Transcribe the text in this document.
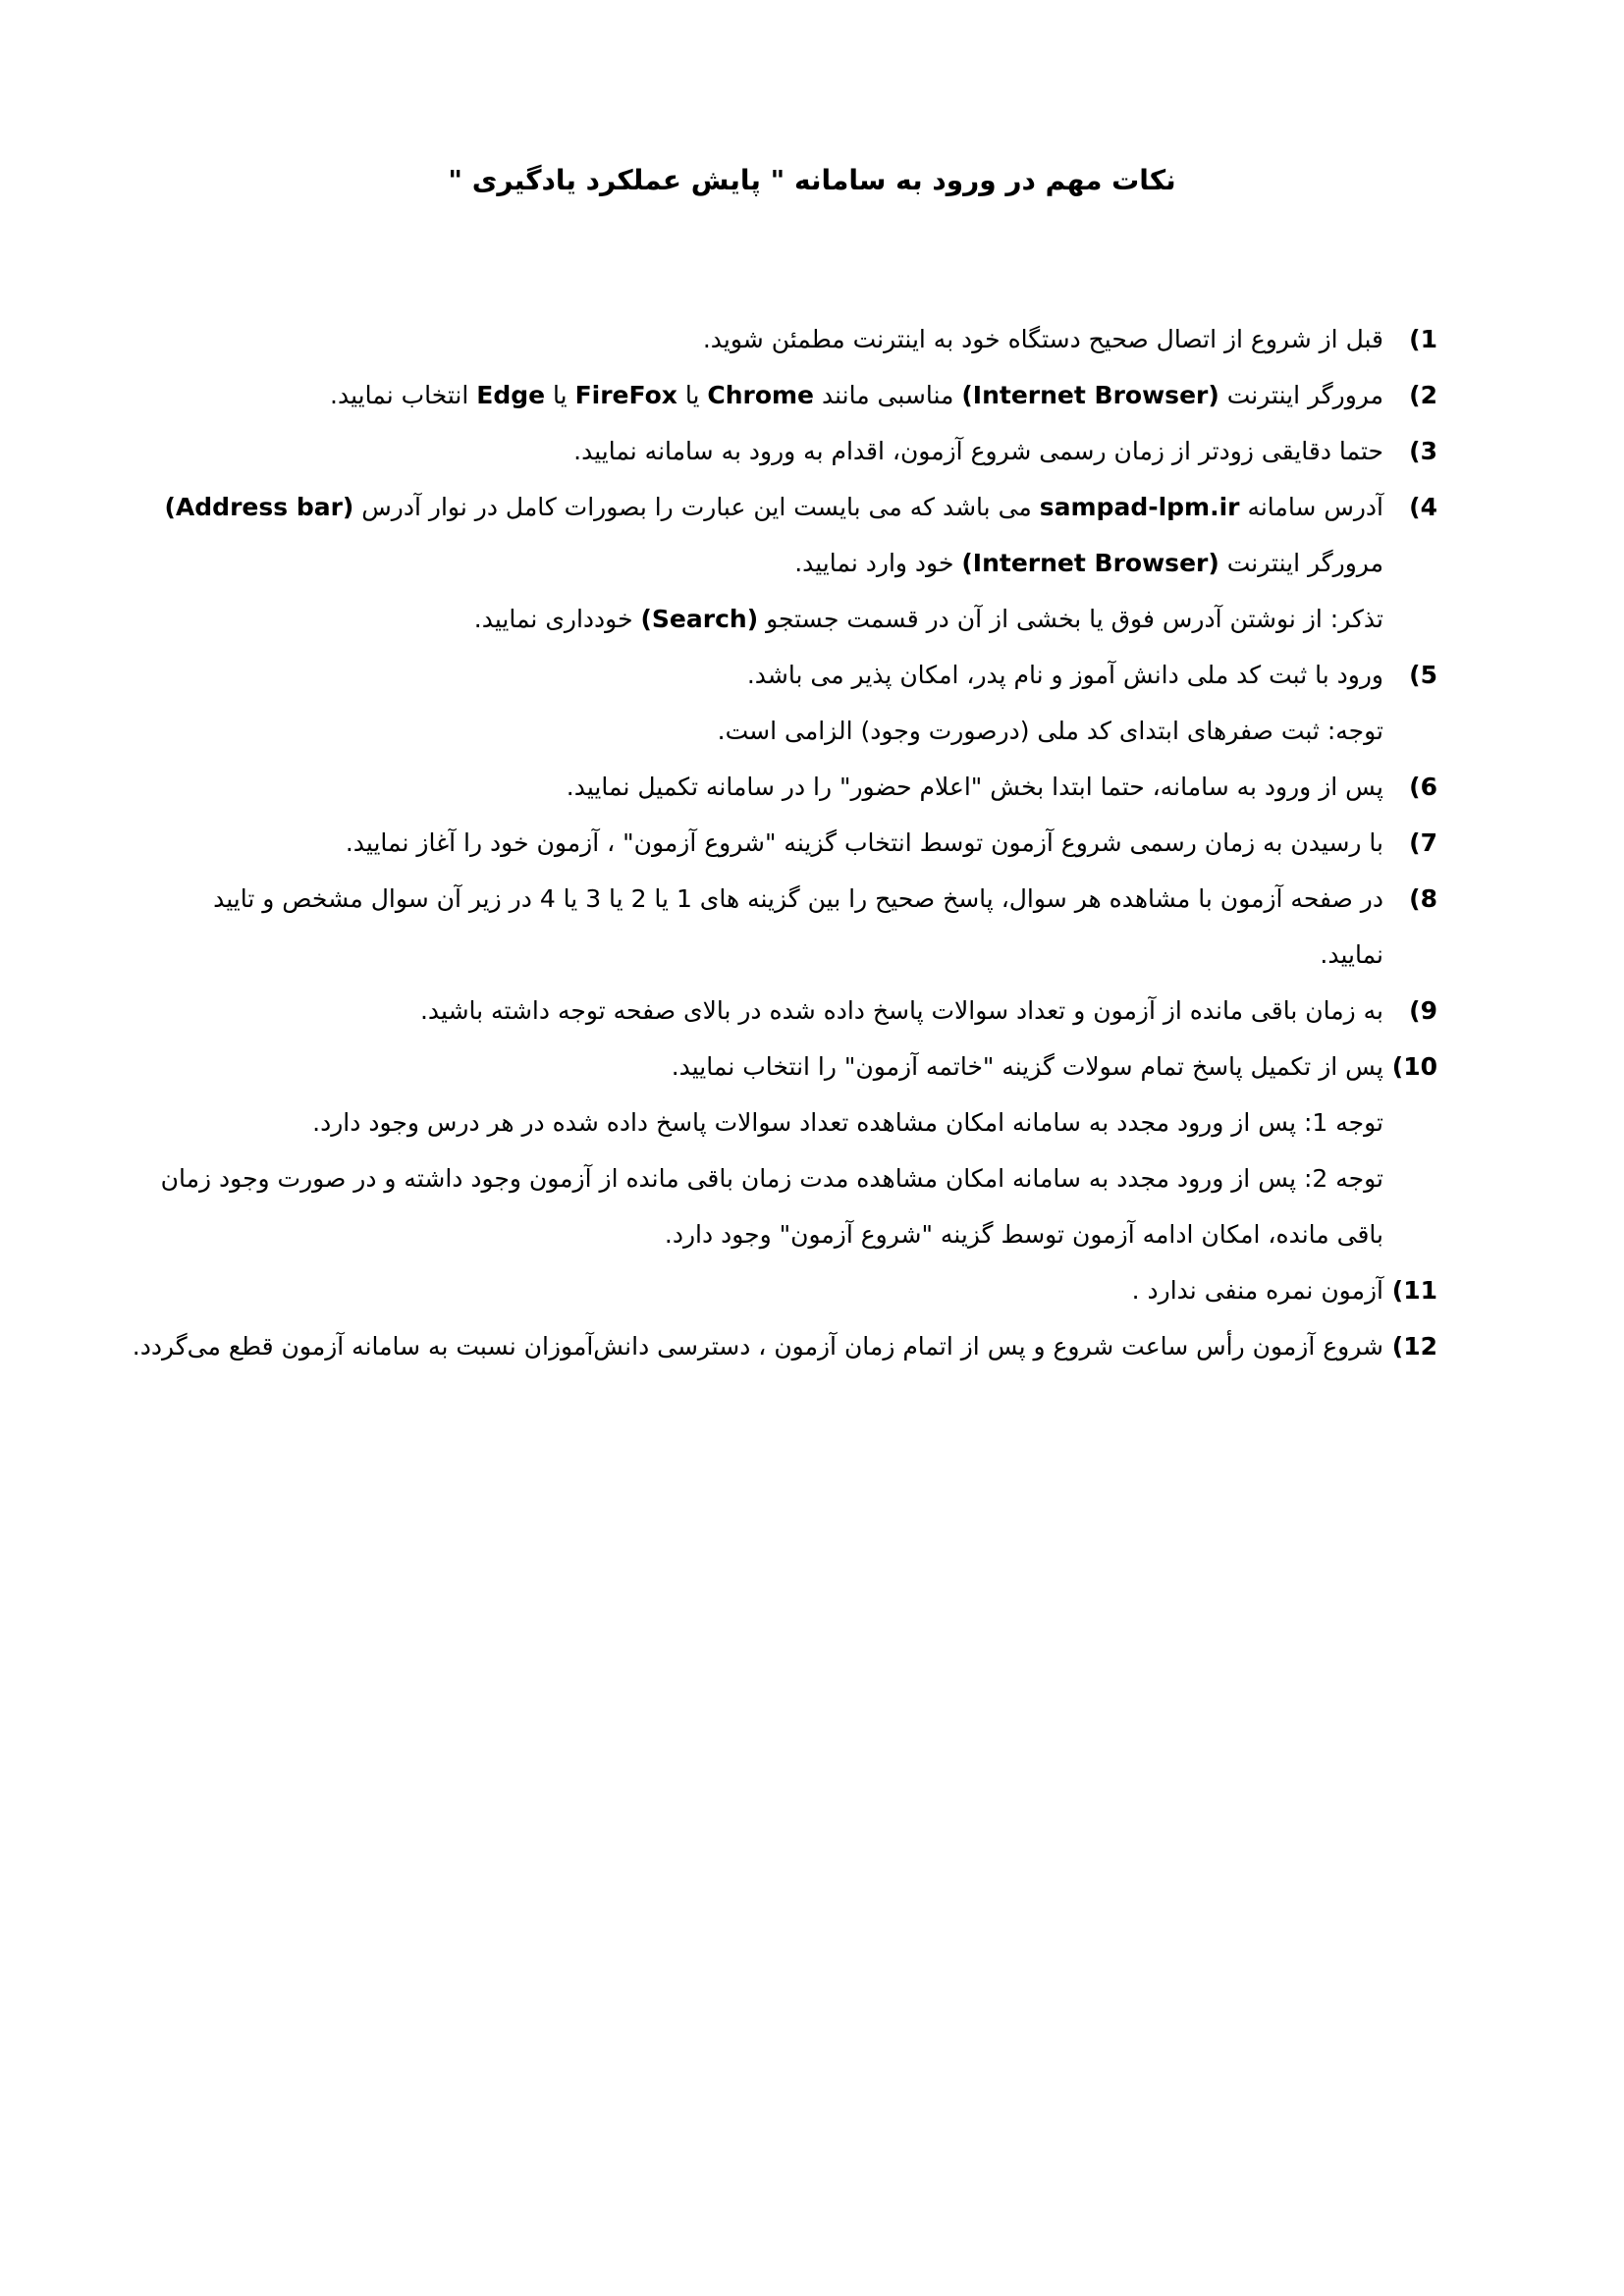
نکات مهم در ورود به سامانه " پایش عملکرد یادگیری "
1 )
قبل از شروع از اتصال صحیح دستگاه خود به اینترنت مطمئن شوید.
2 )
مرورگر اینترنت (Internet Browser) مناسبی مانند Chrome یا FireFox یا Edge انتخاب نمایید.
3 )
حتما دقایقی زودتر از زمان رسمی شروع آزمون، اقدام به ورود به سامانه نمایید.
4 )
آدرس سامانه sampad-lpm.ir می باشد که می بایست این عبارت را بصورات کامل در نوار آدرس (Address bar)
مرورگر اینترنت (Internet Browser) خود وارد نمایید.
تذکر: از نوشتن آدرس فوق یا بخشی از آن در قسمت جستجو (Search) خودداری نمایید.
5 )
ورود با ثبت کد ملی دانش آموز و نام پدر، امکان پذیر می باشد.
توجه: ثبت صفرهای ابتدای کد ملی (درصورت وجود) الزامی است.
6 )
پس از ورود به سامانه، حتما ابتدا بخش "اعلام حضور" را در سامانه تکمیل نمایید.
7 )
با رسیدن به زمان رسمی شروع آزمون توسط انتخاب گزینه "شروع آزمون" ، آزمون خود را آغاز نمایید.
8 )
در صفحه آزمون با مشاهده هر سوال، پاسخ صحیح را بین گزینه های 1 یا 2 یا 3 یا 4 در زیر آن سوال مشخص و تایید
نمایید.
9 )
به زمان باقی مانده از آزمون و تعداد سوالات پاسخ داده شده در بالای صفحه توجه داشته باشید.
10 )
پس از تکمیل پاسخ تمام سولات گزینه "خاتمه آزمون" را انتخاب نمایید.
توجه 1: پس از ورود مجدد به سامانه امکان مشاهده تعداد سوالات پاسخ داده شده در هر درس وجود دارد.
توجه 2: پس از ورود مجدد به سامانه امکان مشاهده مدت زمان باقی مانده از آزمون وجود داشته و در صورت وجود زمان
باقی مانده، امکان ادامه آزمون توسط گزینه "شروع آزمون" وجود دارد.
11 )
آزمون نمره منفی ندارد .
12 )
شروع آزمون رأس ساعت شروع و پس از اتمام زمان آزمون ، دسترسی دانش‌آموزان نسبت به سامانه آزمون قطع می‌گردد.
